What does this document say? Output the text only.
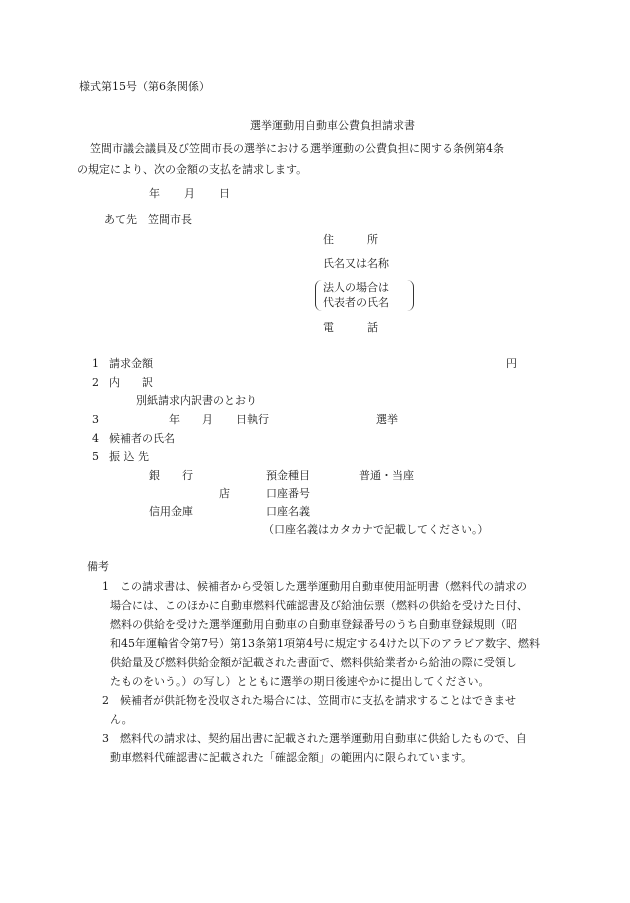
様式第15号（第6条関係）
選挙運動用自動車公費負担請求書

笠間市議会議員及び笠間市長の選挙における選挙運動の公費負担に関する条例第4条

の規定により、次の金額の支払を請求します。

年 月 日
あて先　笠間市長
住　　　所
氏名又は名称
法人の場合は
代表者の氏名
電　　　話
1 請求金額	円
2 内　　訳
別紙請求内訳書のとおり
3	年 月 日執行	選挙
4 候補者の氏名
5 振 込 先
銀　　行	預金種目	普通・当座
店	口座番号
信用金庫	口座名義
（口座名義はカタカナで記載してください。）
備考
1 この請求書は、候補者から受領した選挙運動用自動車使用証明書（燃料代の請求の
場合には、このほかに自動車燃料代確認書及び給油伝票（燃料の供給を受けた日付、
燃料の供給を受けた選挙運動用自動車の自動車登録番号のうち自動車登録規則（昭
和45年運輸省令第7号）第13条第1項第4号に規定する4けた以下のアラビア数字、燃料
供給量及び燃料供給金額が記載された書面で、燃料供給業者から給油の際に受領し
たものをいう。）の写し）とともに選挙の期日後速やかに提出してください。
2 候補者が供託物を没収された場合には、笠間市に支払を請求することはできませ
ん。
3 燃料代の請求は、契約届出書に記載された選挙運動用自動車に供給したもので、自
動車燃料代確認書に記載された「確認金額」の範囲内に限られています。
